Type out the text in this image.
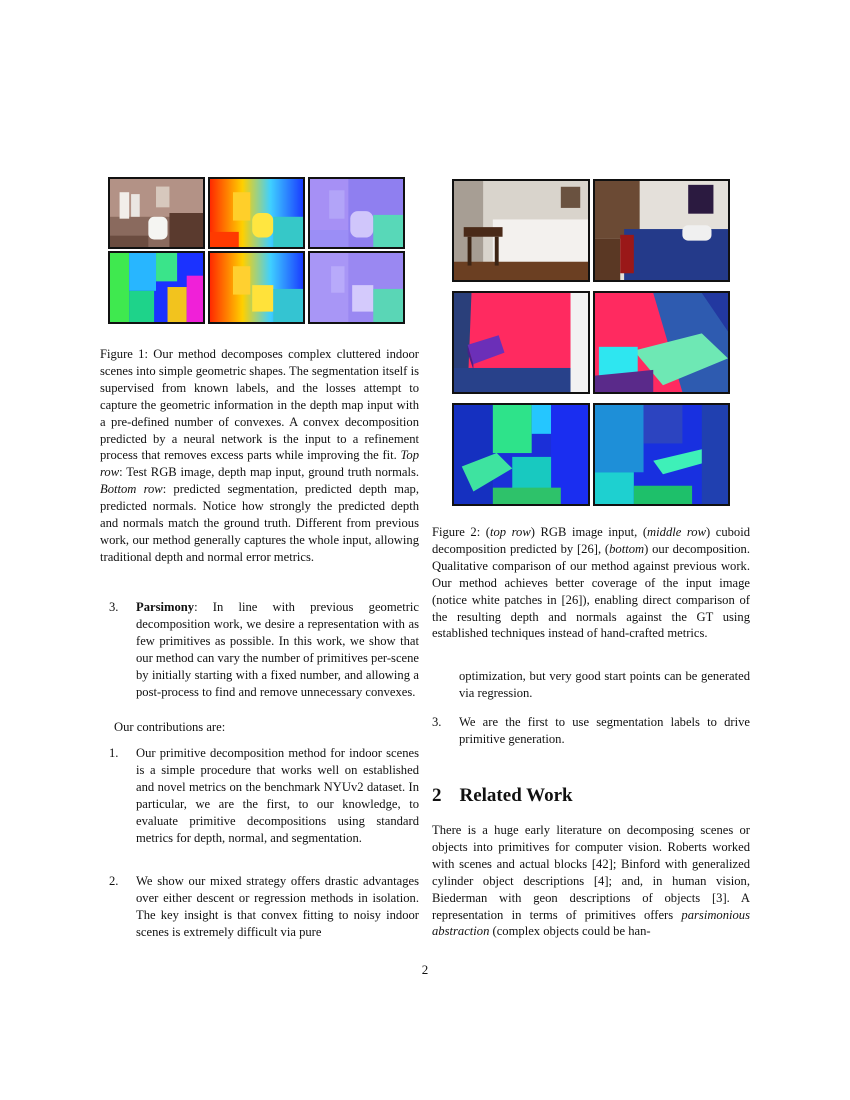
Figure 1: Our method decomposes complex cluttered indoor scenes into simple geometric shapes. The segmentation itself is supervised from known labels, and the losses attempt to capture the geometric information in the depth map input with a pre-defined number of convexes. A convex decomposition predicted by a neural network is the input to a refinement process that removes excess parts while improving the fit. Top row: Test RGB image, depth map input, ground truth normals. Bottom row: predicted segmentation, predicted depth map, predicted normals. Notice how strongly the predicted depth and normals match the ground truth. Different from previous work, our method generally captures the whole input, allowing traditional depth and normal error metrics.

3. Parsimony: In line with previous geometric decomposition work, we desire a representation with as few primitives as possible. In this work, we show that our method can vary the number of primitives per-scene by initially starting with a fixed number, and allowing a post-process to find and remove unnecessary convexes.
Our contributions are:
1. Our primitive decomposition method for indoor scenes is a simple procedure that works well on established and novel metrics on the benchmark NYUv2 dataset. In particular, we are the first, to our knowledge, to evaluate primitive decompositions using standard metrics for depth, normal, and segmentation.
2. We show our mixed strategy offers drastic advantages over either descent or regression methods in isolation. The key insight is that convex fitting to noisy indoor scenes is extremely difficult via pure

Figure 2: (top row) RGB image input, (middle row) cuboid decomposition predicted by [26], (bottom) our decomposition. Qualitative comparison of our method against previous work. Our method achieves better coverage of the input image (notice white patches in [26]), enabling direct comparison of the resulting depth and normals against the GT using established techniques instead of hand-crafted metrics.

optimization, but very good start points can be generated via regression.
3. We are the first to use segmentation labels to drive primitive generation.
2 Related Work

There is a huge early literature on decomposing scenes or objects into primitives for computer vision. Roberts worked with scenes and actual blocks [42]; Binford with generalized cylinder object descriptions [4]; and, in human vision, Biederman with geon descriptions of objects [3]. A representation in terms of primitives offers parsimonious abstraction (complex objects could be han-

2
